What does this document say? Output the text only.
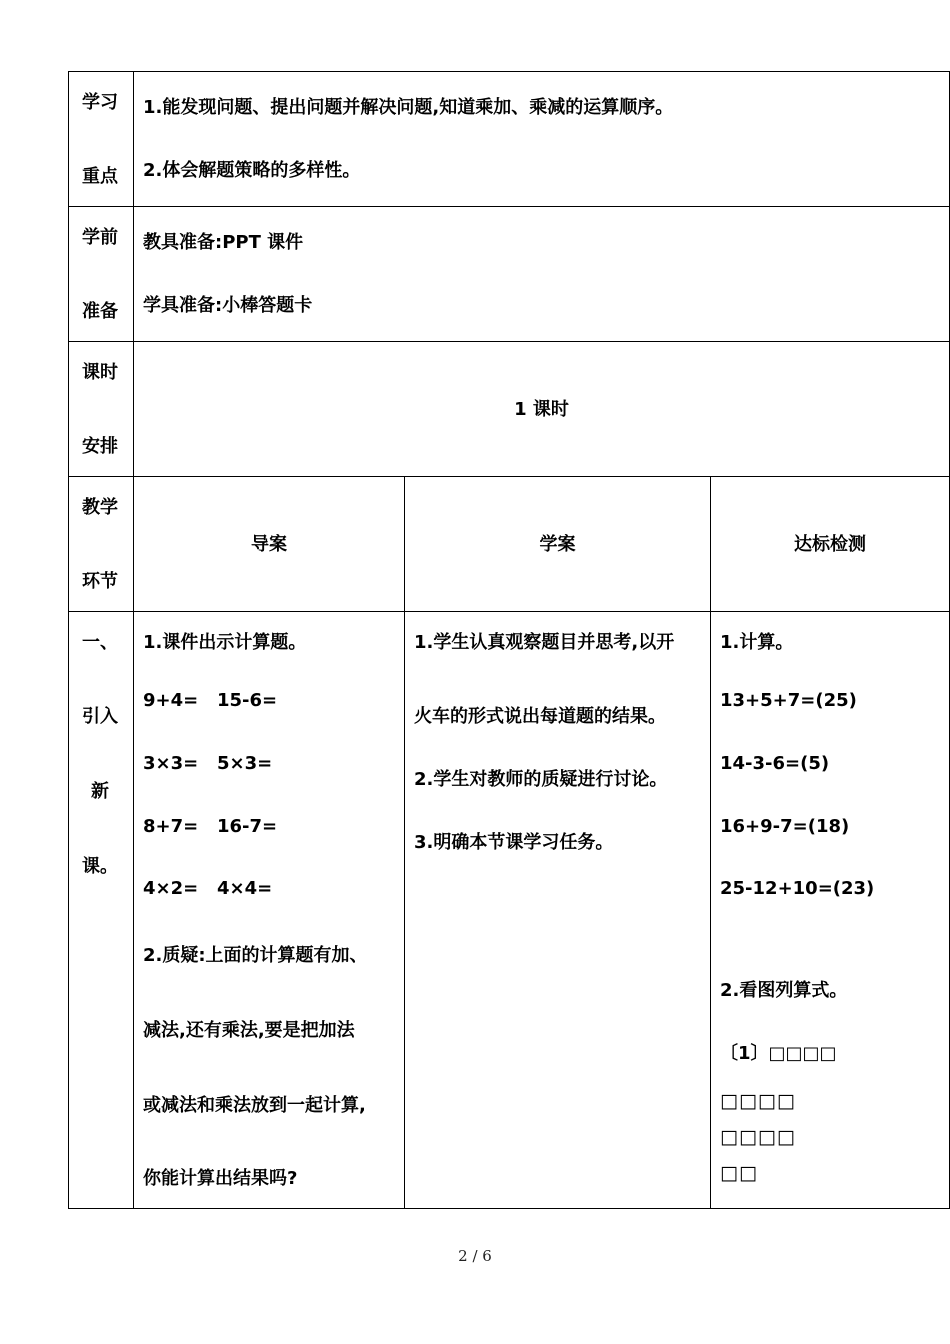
学习
重点
1.能发现问题、提出问题并解决问题,知道乘加、乘减的运算顺序。
2.体会解题策略的多样性。
学前
准备
教具准备:PPT 课件
学具准备:小棒答题卡
课时
安排
1 课时
教学
环节
导案	学案	达标检测
一、
引入
新
课。
1.课件出示计算题。
9+4=   15-6=
3×3=   5×3=
8+7=   16-7=
4×2=   4×4=
2.质疑:上面的计算题有加、
减法,还有乘法,要是把加法
或减法和乘法放到一起计算,
你能计算出结果吗?
1.学生认真观察题目并思考,以开
火车的形式说出每道题的结果。
2.学生对教师的质疑进行讨论。
3.明确本节课学习任务。
1.计算。
13+5+7=(25)
14-3-6=(5)
16+9-7=(18)
25-12+10=(23)
2.看图列算式。
〔1〕□□□□
□□□□
□□□□
□□
2 / 6
